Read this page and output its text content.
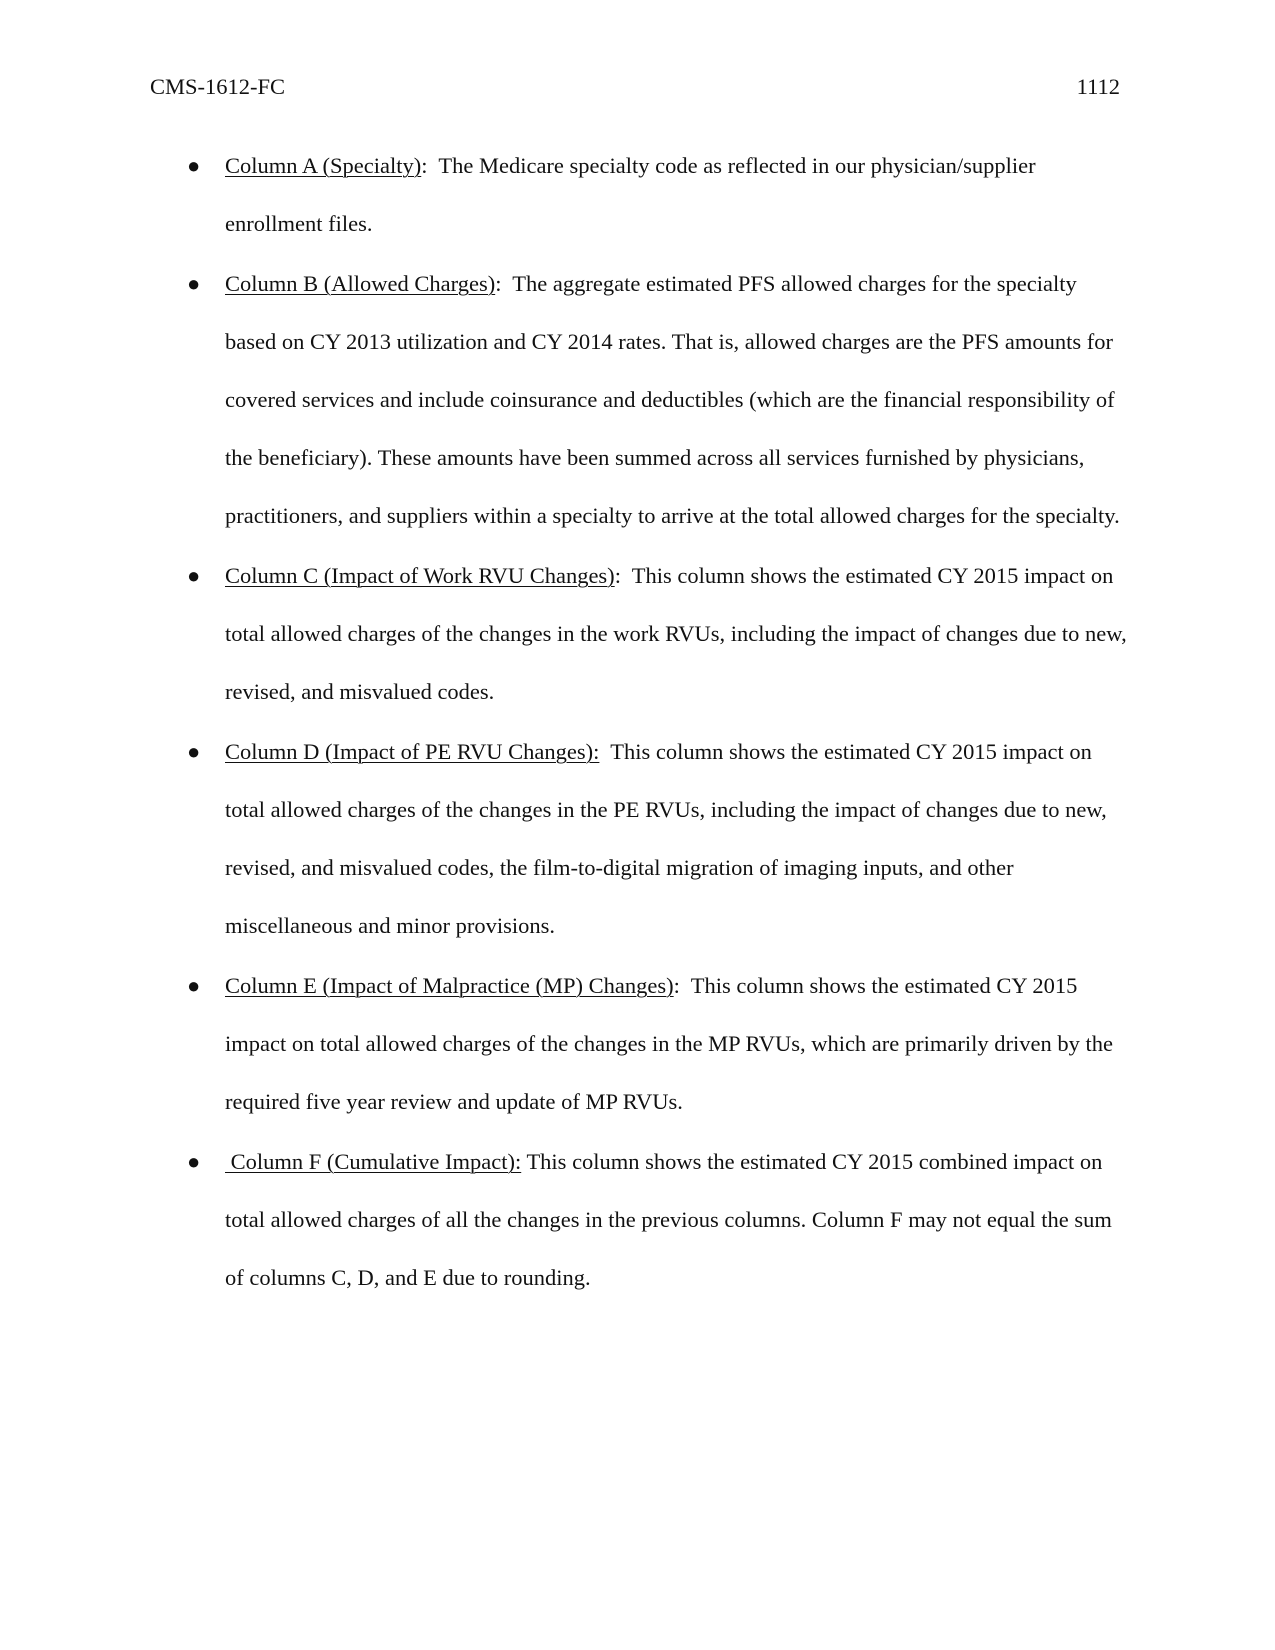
CMS-1612-FC	1112
● Column A (Specialty):  The Medicare specialty code as reflected in our physician/supplier enrollment files.
● Column B (Allowed Charges):  The aggregate estimated PFS allowed charges for the specialty based on CY 2013 utilization and CY 2014 rates. That is, allowed charges are the PFS amounts for covered services and include coinsurance and deductibles (which are the financial responsibility of the beneficiary). These amounts have been summed across all services furnished by physicians, practitioners, and suppliers within a specialty to arrive at the total allowed charges for the specialty.
● Column C (Impact of Work RVU Changes):  This column shows the estimated CY 2015 impact on total allowed charges of the changes in the work RVUs, including the impact of changes due to new, revised, and misvalued codes.
● Column D (Impact of PE RVU Changes): This column shows the estimated CY 2015 impact on total allowed charges of the changes in the PE RVUs, including the impact of changes due to new, revised, and misvalued codes, the film-to-digital migration of imaging inputs, and other miscellaneous and minor provisions.
● Column E (Impact of Malpractice (MP) Changes):  This column shows the estimated CY 2015 impact on total allowed charges of the changes in the MP RVUs, which are primarily driven by the required five year review and update of MP RVUs.
● Column F (Cumulative Impact): This column shows the estimated CY 2015 combined impact on total allowed charges of all the changes in the previous columns. Column F may not equal the sum of columns C, D, and E due to rounding.
